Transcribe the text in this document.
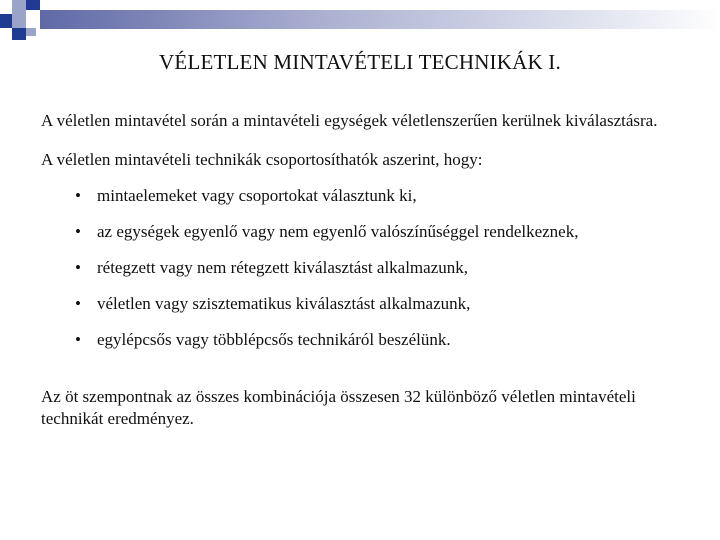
VÉLETLEN MINTAVÉTELI TECHNIKÁK I.

A véletlen mintavétel során a mintavételi egységek véletlenszerűen kerülnek kiválasztásra.

A véletlen mintavételi technikák csoportosíthatók aszerint, hogy:

• mintaelemeket vagy csoportokat választunk ki,
• az egységek egyenlő vagy nem egyenlő valószínűséggel rendelkeznek,
• rétegzett vagy nem rétegzett kiválasztást alkalmazunk,
• véletlen vagy szisztematikus kiválasztást alkalmazunk,
• egylépcsős vagy többlépcsős technikáról beszélünk.

Az öt szempontnak az összes kombinációja összesen 32 különböző véletlen mintavételi technikát eredményez.
